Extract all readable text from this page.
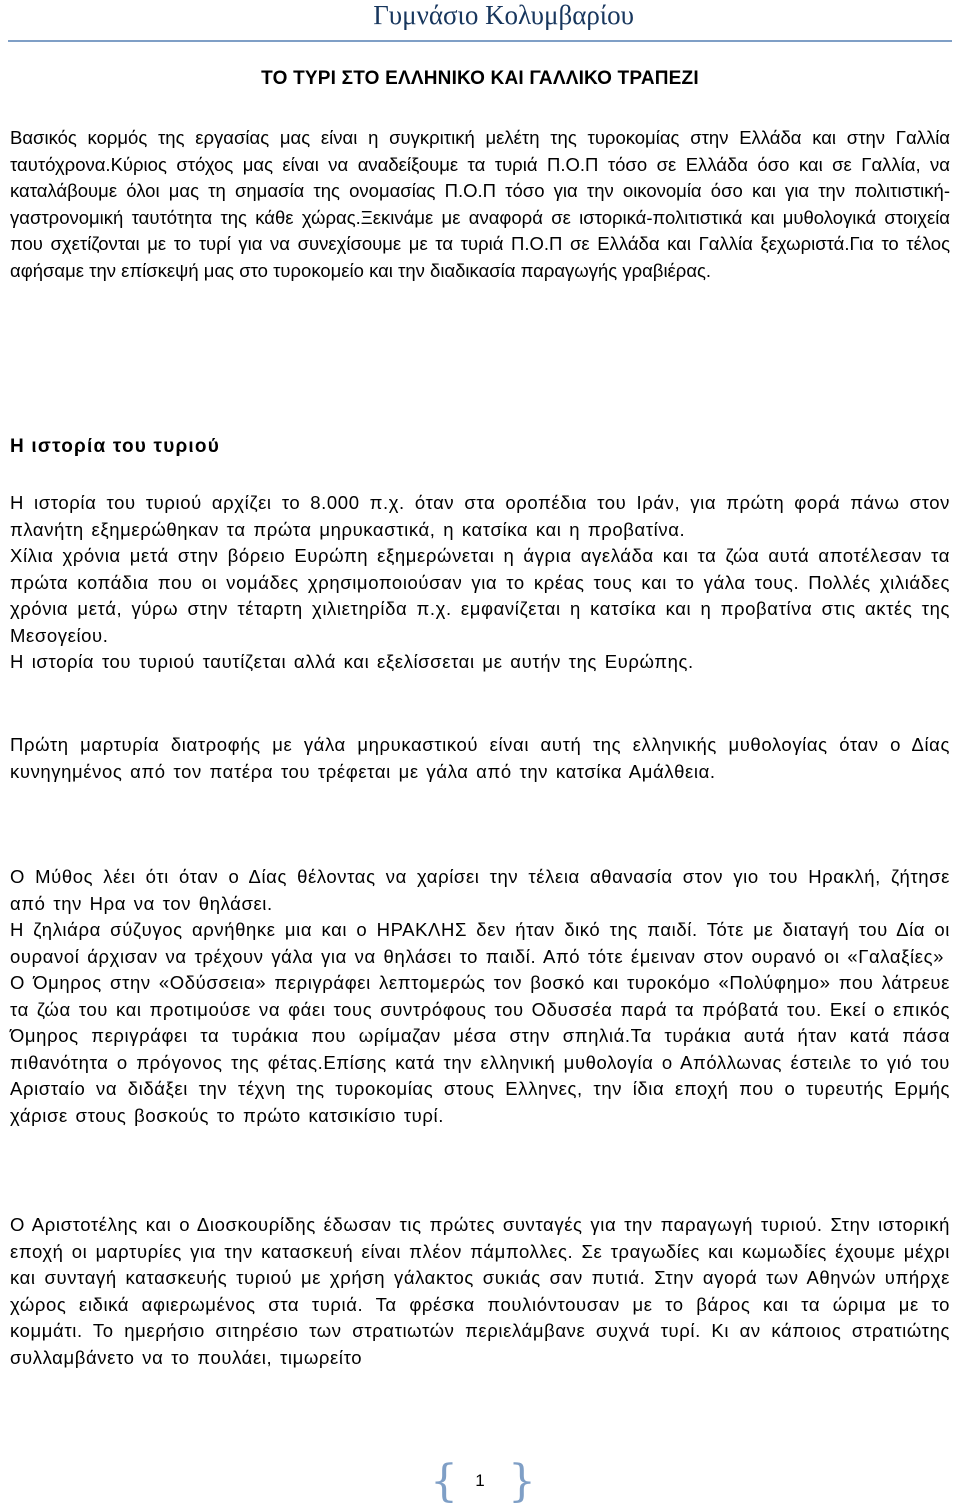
Γυμνάσιο Κολυμβαρίου
ΤΟ ΤΥΡΙ ΣΤΟ ΕΛΛΗΝΙΚΟ ΚΑΙ ΓΑΛΛΙΚΟ ΤΡΑΠΕΖΙ

Βασικός κορμός της εργασίας μας είναι η συγκριτική μελέτη της τυροκομίας στην Ελλάδα και στην Γαλλία ταυτόχρονα.Κύριος στόχος μας είναι να αναδείξουμε τα τυριά Π.Ο.Π τόσο σε Ελλάδα όσο και σε Γαλλία, να καταλάβουμε όλοι μας τη σημασία της ονομασίας Π.Ο.Π τόσο για την οικονομία όσο και για την πολιτιστική-γαστρονομική ταυτότητα της κάθε χώρας.Ξεκινάμε με αναφορά σε ιστορικά-πολιτιστικά και μυθολογικά στοιχεία που σχετίζονται με το τυρί για να συνεχίσουμε με τα τυριά Π.Ο.Π σε Ελλάδα και Γαλλία ξεχωριστά.Για το τέλος αφήσαμε την επίσκεψή μας στο τυροκομείο και την διαδικασία παραγωγής γραβιέρας.

Η ιστορία του τυριού

Η ιστορία του τυριού αρχίζει το 8.000 π.χ. όταν στα οροπέδια του Ιράν, για πρώτη φορά πάνω στον πλανήτη εξημερώθηκαν τα πρώτα μηρυκαστικά, η κατσίκα και η προβατίνα.

Χίλια χρόνια μετά στην βόρειο Ευρώπη εξημερώνεται η άγρια αγελάδα και τα ζώα αυτά αποτέλεσαν τα πρώτα κοπάδια που οι νομάδες χρησιμοποιούσαν για το κρέας τους και το γάλα τους. Πολλές χιλιάδες χρόνια μετά, γύρω στην τέταρτη χιλιετηρίδα π.χ. εμφανίζεται η κατσίκα και η προβατίνα στις ακτές της Μεσογείου.

Η ιστορία του τυριού ταυτίζεται αλλά και εξελίσσεται με αυτήν της Ευρώπης.

Πρώτη μαρτυρία διατροφής με γάλα μηρυκαστικού είναι αυτή της ελληνικής μυθολογίας όταν ο Δίας κυνηγημένος από τον πατέρα του τρέφεται με γάλα από την κατσίκα Αμάλθεια.

Ο Μύθος λέει ότι όταν ο Δίας θέλοντας να χαρίσει την τέλεια αθανασία στον γιο του Ηρακλή, ζήτησε από την Ηρα να τον θηλάσει.

Η ζηλιάρα σύζυγος αρνήθηκε μια και ο ΗΡΑΚΛΗΣ δεν ήταν δικό της παιδί. Τότε με διαταγή του Δία οι ουρανοί άρχισαν να τρέχουν γάλα για να θηλάσει το παιδί. Από τότε έμειναν στον ουρανό οι «Γαλαξίες»

Ο Όμηρος στην «Οδύσσεια» περιγράφει λεπτομερώς τον βοσκό και τυροκόμο «Πολύφημο» που λάτρευε τα ζώα του και προτιμούσε να φάει τους συντρόφους του Οδυσσέα παρά τα πρόβατά του. Εκεί ο επικός Όμηρος περιγράφει τα τυράκια που ωρίμαζαν μέσα στην σπηλιά.Τα τυράκια αυτά ήταν κατά πάσα πιθανότητα ο πρόγονος της φέτας.Επίσης κατά την ελληνική μυθολογία ο Απόλλωνας έστειλε το γιό του Αρισταίο να διδάξει την τέχνη της τυροκομίας στους Ελληνες, την ίδια εποχή που ο τυρευτής Ερμής χάρισε στους βοσκούς το πρώτο κατσικίσιο τυρί.

Ο Αριστοτέλης και ο Διοσκουρίδης έδωσαν τις πρώτες συνταγές για την παραγωγή τυριού. Στην ιστορική εποχή οι μαρτυρίες για την κατασκευή είναι πλέον πάμπολλες. Σε τραγωδίες και κωμωδίες έχουμε μέχρι και συνταγή κατασκευής τυριού με χρήση γάλακτος συκιάς σαν πυτιά. Στην αγορά των Αθηνών υπήρχε χώρος ειδικά αφιερωμένος στα τυριά. Τα φρέσκα πουλιόντουσαν με το βάρος και τα ώριμα με το κομμάτι. Το ημερήσιο σιτηρέσιο των στρατιωτών περιελάμβανε συχνά τυρί. Κι αν κάποιος στρατιώτης συλλαμβάνετο να το πουλάει, τιμωρείτο

{	1 }
